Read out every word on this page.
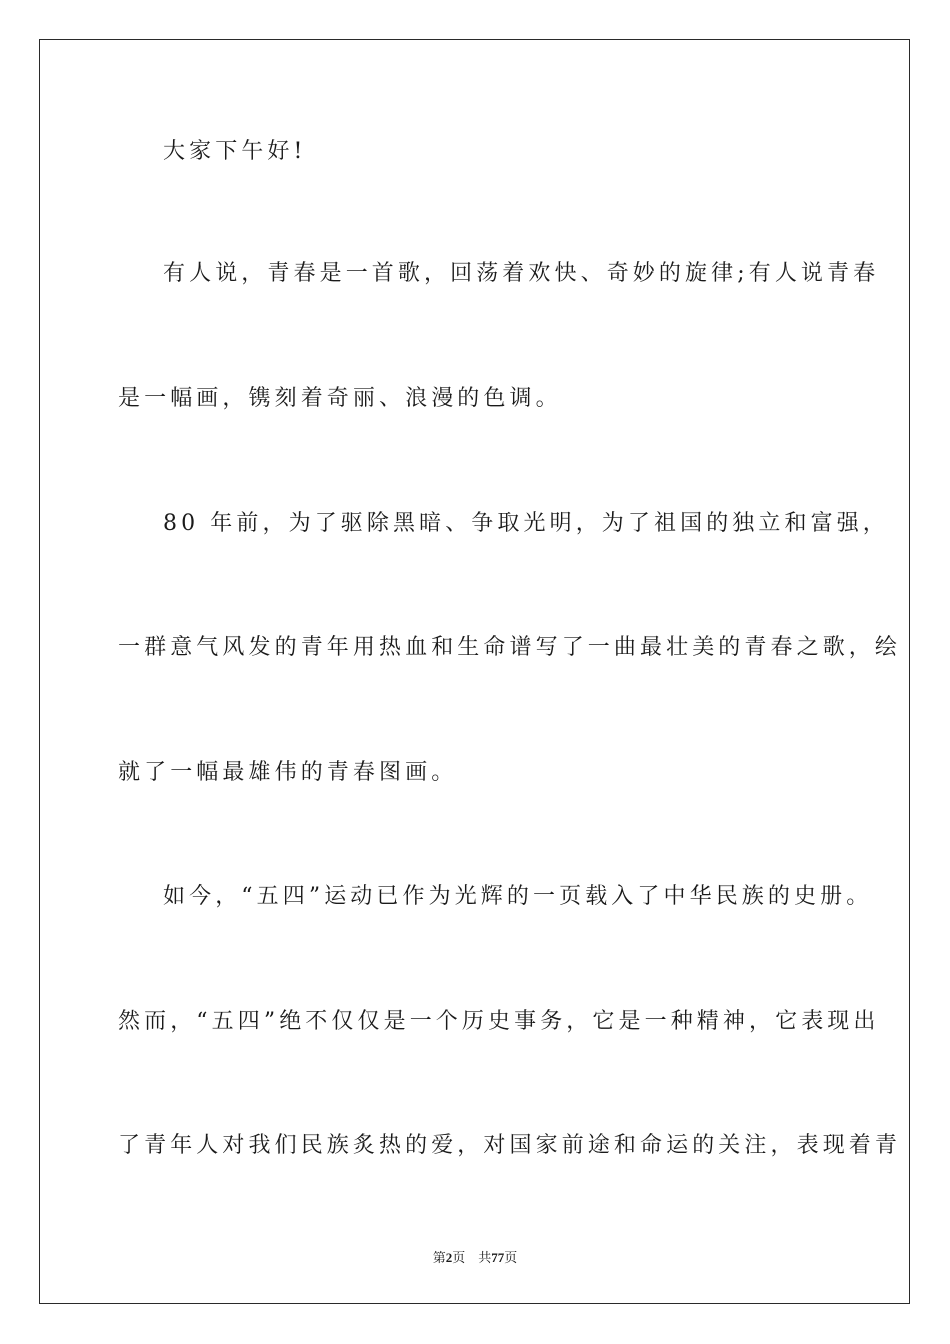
大家下午好!
有人说，青春是一首歌，回荡着欢快、奇妙的旋律;有人说青春
是一幅画，镌刻着奇丽、浪漫的色调。
80 年前，为了驱除黑暗、争取光明，为了祖国的独立和富强，
一群意气风发的青年用热血和生命谱写了一曲最壮美的青春之歌，绘
就了一幅最雄伟的青春图画。
如今，“五四”运动已作为光辉的一页载入了中华民族的史册。
然而，“五四”绝不仅仅是一个历史事务，它是一种精神，它表现出
了青年人对我们民族炙热的爱，对国家前途和命运的关注，表现着青
第2页 共77页
